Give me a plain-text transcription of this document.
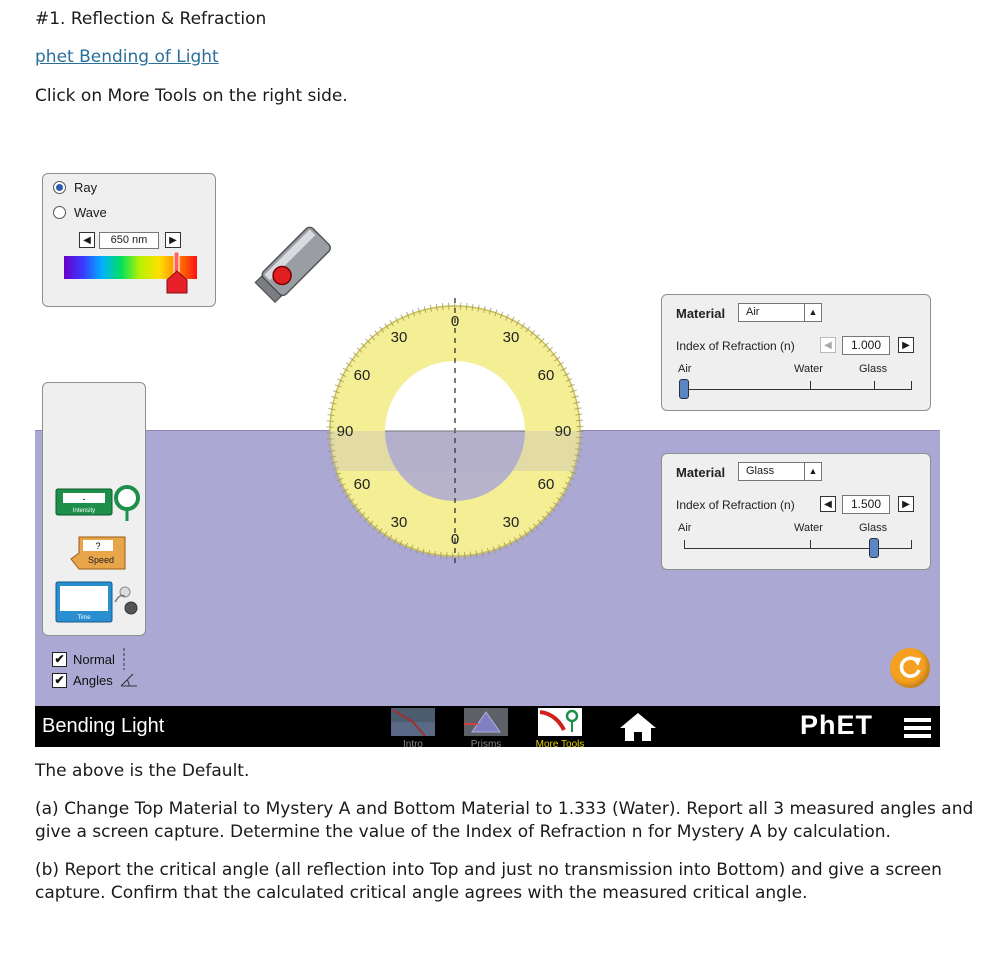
#1. Reflection & Refraction
phet Bending of Light
Click on More Tools on the right side.
Ray
Wave
◀	650 nm	▶
0
30	30
60	60
90	90
60	60
30	30
0
-
Intensity
?
Speed
Time
✔ Normal
✔ Angles
Material	Air	▲
Index of Refraction (n)	◀	1.000	▶
Air	Water	Glass
Material	Glass	▲
Index of Refraction (n)	◀	1.500	▶
Air	Water	Glass
Bending Light
Intro	Prisms	More Tools
PhET
The above is the Default.
(a) Change Top Material to Mystery A and Bottom Material to 1.333 (Water). Report all 3 measured angles and give a screen capture. Determine the value of the Index of Refraction n for Mystery A by calculation.
(b) Report the critical angle (all reflection into Top and just no transmission into Bottom) and give a screen capture. Confirm that the calculated critical angle agrees with the measured critical angle.
